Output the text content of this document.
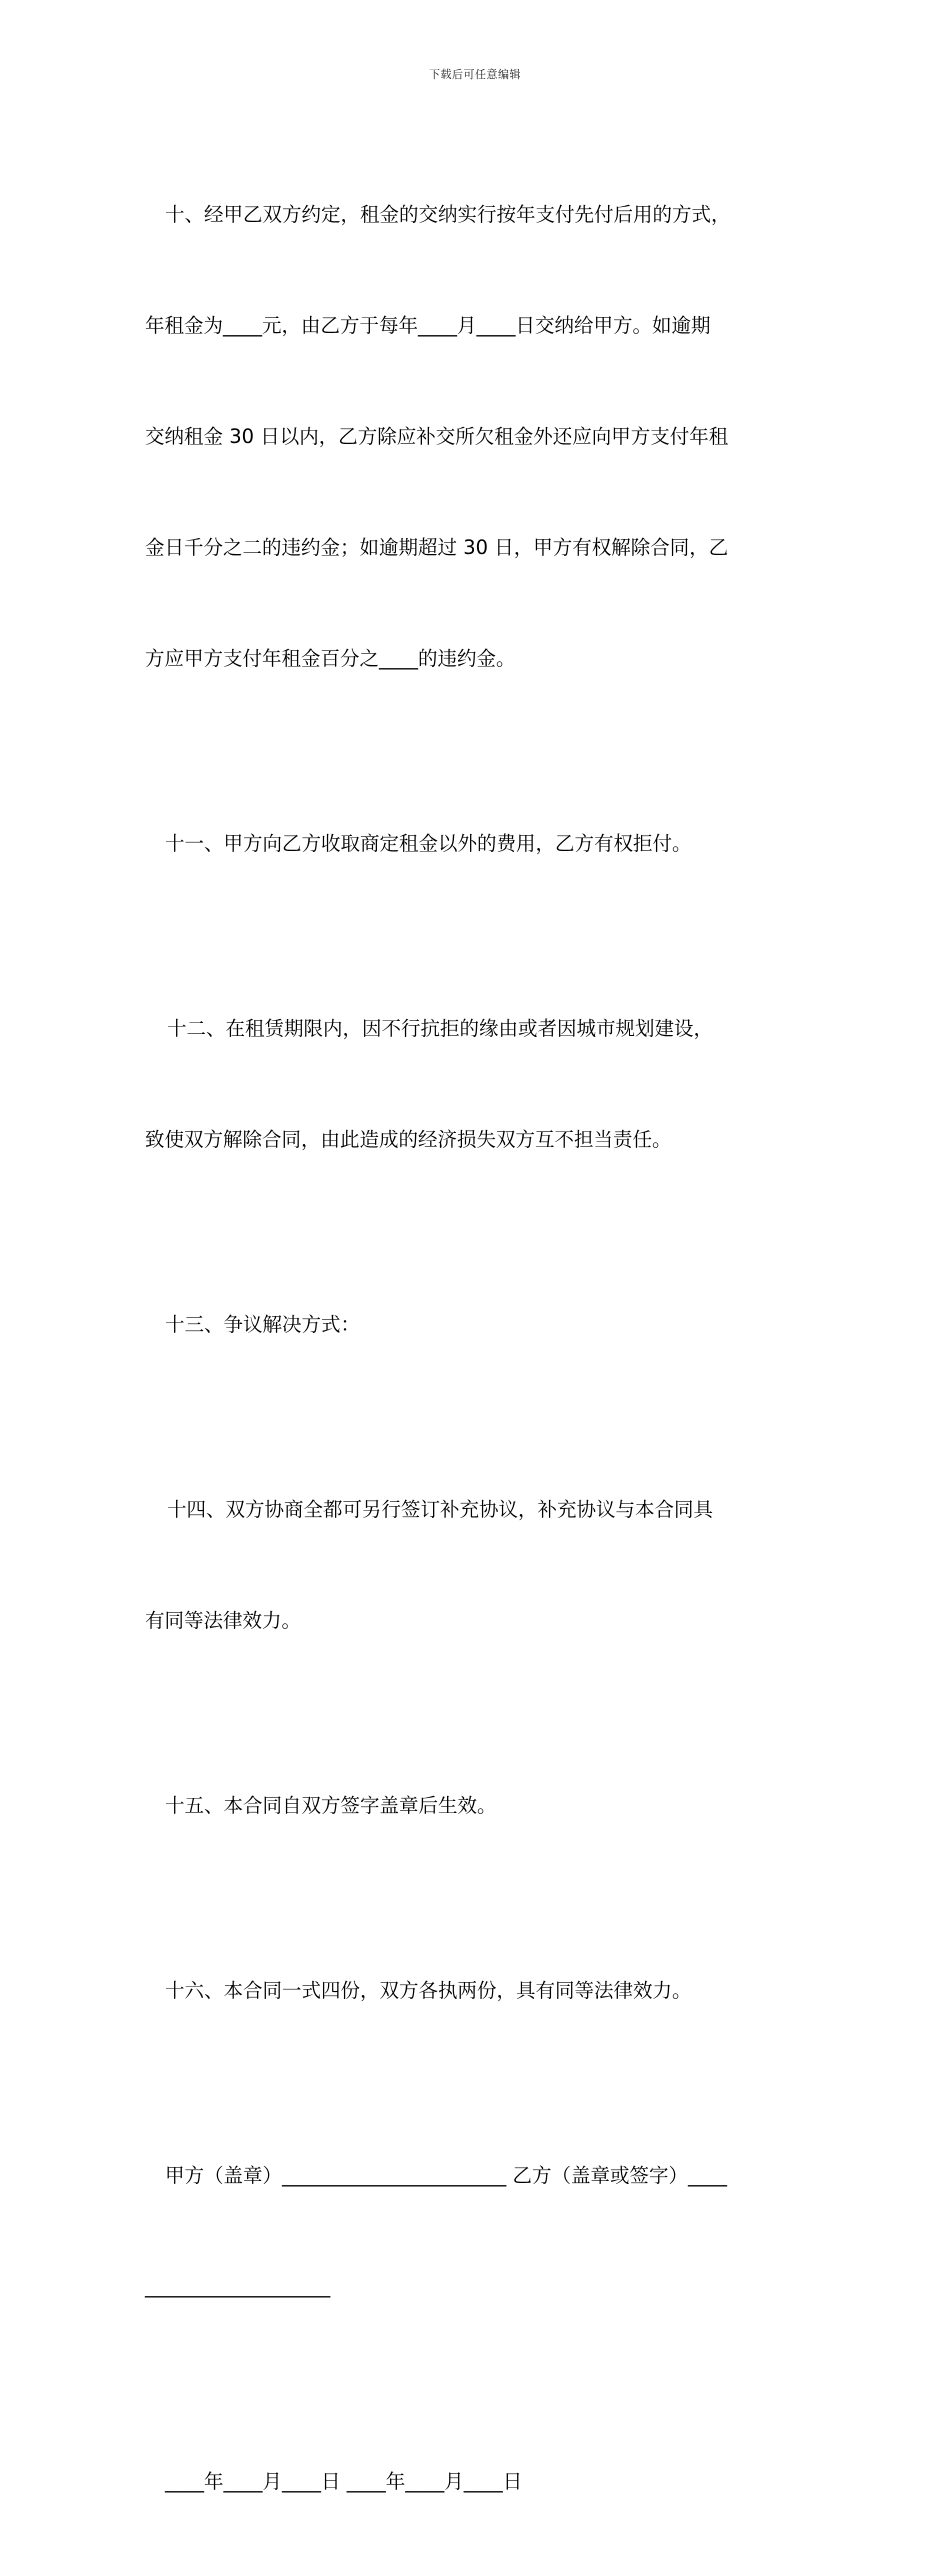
下载后可任意编辑

十、经甲乙双方约定，租金的交纳实行按年支付先付后用的方式，

年租金为____元，由乙方于每年____月____日交纳给甲方。如逾期

交纳租金 30 日以内，乙方除应补交所欠租金外还应向甲方支付年租

金日千分之二的违约金；如逾期超过 30 日，甲方有权解除合同，乙

方应甲方支付年租金百分之____的违约金。

十一、甲方向乙方收取商定租金以外的费用，乙方有权拒付。

十二、在租赁期限内，因不行抗拒的缘由或者因城市规划建设，

致使双方解除合同，由此造成的经济损失双方互不担当责任。

十三、争议解决方式：

十四、双方协商全都可另行签订补充协议，补充协议与本合同具

有同等法律效力。

十五、本合同自双方签字盖章后生效。

十六、本合同一式四份，双方各执两份，具有同等法律效力。

甲方（盖章）_______________________ 乙方（盖章或签字）____

___________________

____年____月____日 ____年____月____日
